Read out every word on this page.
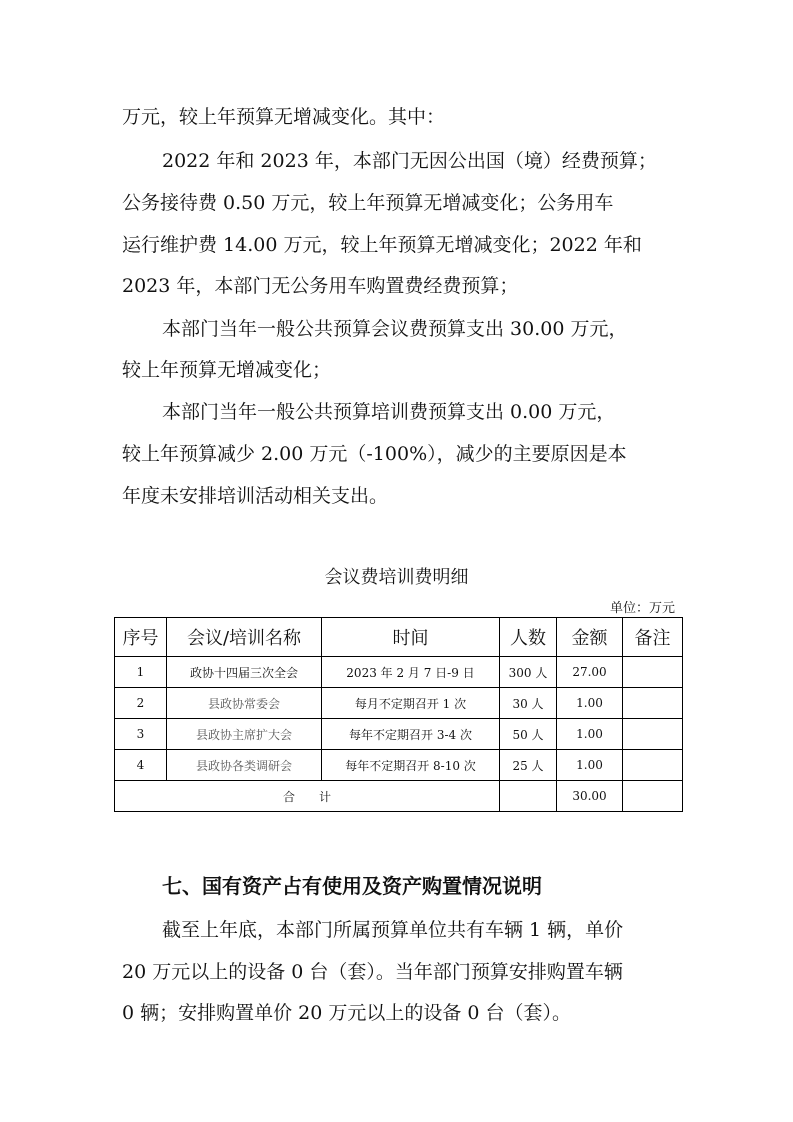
万元，较上年预算无增减变化。其中：

2022 年和 2023 年，本部门无因公出国（境）经费预算；

公务接待费 0.50 万元，较上年预算无增减变化；公务用车

运行维护费 14.00 万元，较上年预算无增减变化；2022 年和

2023 年，本部门无公务用车购置费经费预算；

本部门当年一般公共预算会议费预算支出 30.00 万元，

较上年预算无增减变化；

本部门当年一般公共预算培训费预算支出 0.00 万元，

较上年预算减少 2.00 万元（-100%），减少的主要原因是本

年度未安排培训活动相关支出。

会议费培训费明细
单位：万元
序号	会议/培训名称	时间	人数	金额	备注
1	政协十四届三次全会	2023 年 2 月 7 日-9 日	300 人	27.00	
2	县政协常委会	每月不定期召开 1 次	30 人	1.00	
3	县政协主席扩大会	每年不定期召开 3-4 次	50 人	1.00	
4	县政协各类调研会	每年不定期召开 8-10 次	25 人	1.00	
合　　计				30.00	
七、国有资产占有使用及资产购置情况说明

截至上年底，本部门所属预算单位共有车辆 1 辆，单价

20 万元以上的设备 0 台（套）。当年部门预算安排购置车辆

0 辆；安排购置单价 20 万元以上的设备 0 台（套）。
